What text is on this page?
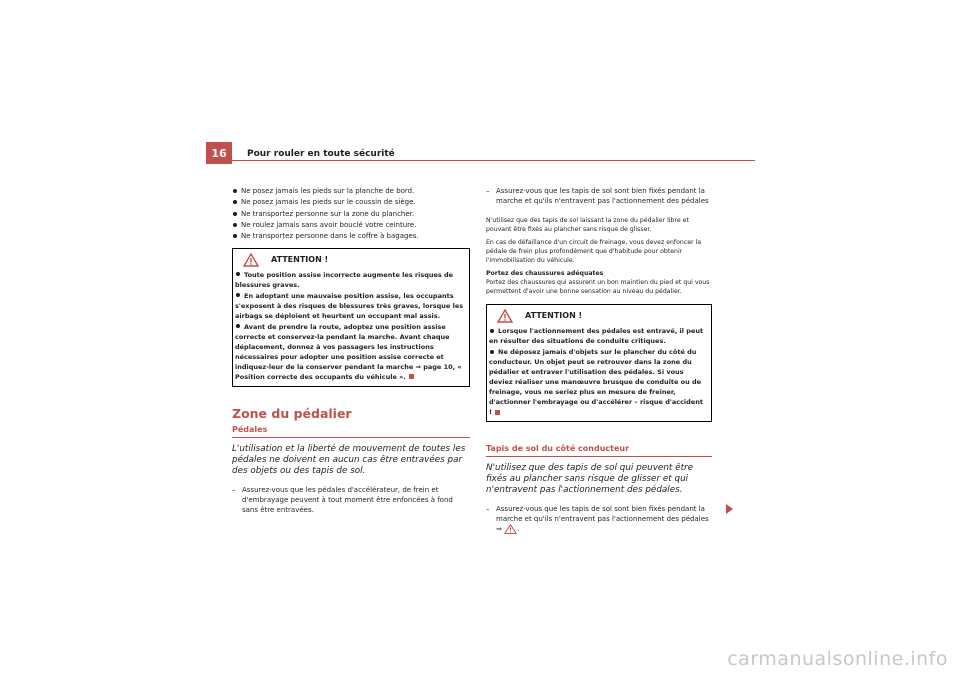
16	Pour rouler en toute sécurité
Ne posez jamais les pieds sur la planche de bord.
Ne posez jamais les pieds sur le coussin de siège.
Ne transportez personne sur la zone du plancher.
Ne roulez jamais sans avoir bouclé votre ceinture.
Ne transportez personne dans le coffre à bagages.
ATTENTION !
Toute position assise incorrecte augmente les risques de blessures graves.
En adoptant une mauvaise position assise, les occupants s'exposent à des risques de blessures très graves, lorsque les airbags se déploient et heurtent un occupant mal assis.
Avant de prendre la route, adoptez une position assise correcte et conservez-la pendant la marche. Avant chaque déplacement, donnez à vos passagers les instructions nécessaires pour adopter une position assise correcte et indiquez-leur de la conserver pendant la marche ⇒ page 10, « Position correcte des occupants du véhicule ».
Zone du pédalier
Pédales
L'utilisation et la liberté de mouvement de toutes les pédales ne doivent en aucun cas être entravées par des objets ou des tapis de sol.
– Assurez-vous que les pédales d'accélérateur, de frein et d'embrayage peuvent à tout moment être enfoncées à fond sans être entravées.
– Assurez-vous que les tapis de sol sont bien fixés pendant la marche et qu'ils n'entravent pas l'actionnement des pédales
N'utilisez que des tapis de sol laissant la zone du pédalier libre et pouvant être fixés au plancher sans risque de glisser.
En cas de défaillance d'un circuit de freinage, vous devez enfoncer la pédale de frein plus profondément que d'habitude pour obtenir l'immobilisation du véhicule.
Portez des chaussures adéquates
Portez des chaussures qui assurent un bon maintien du pied et qui vous permettent d'avoir une bonne sensation au niveau du pédalier.
ATTENTION !
Lorsque l'actionnement des pédales est entravé, il peut en résulter des situations de conduite critiques.
Ne déposez jamais d'objets sur le plancher du côté du conducteur. Un objet peut se retrouver dans la zone du pédalier et entraver l'utilisation des pédales. Si vous deviez réaliser une manœuvre brusque de conduite ou de freinage, vous ne seriez plus en mesure de freiner, d'actionner l'embrayage ou d'accélérer – risque d'accident !
Tapis de sol du côté conducteur
N'utilisez que des tapis de sol qui peuvent être fixés au plancher sans risque de glisser et qui n'entravent pas l'actionnement des pédales.
– Assurez-vous que les tapis de sol sont bien fixés pendant la marche et qu'ils n'entravent pas l'actionnement des pédales
⇒ .
carmanualsonline.info
